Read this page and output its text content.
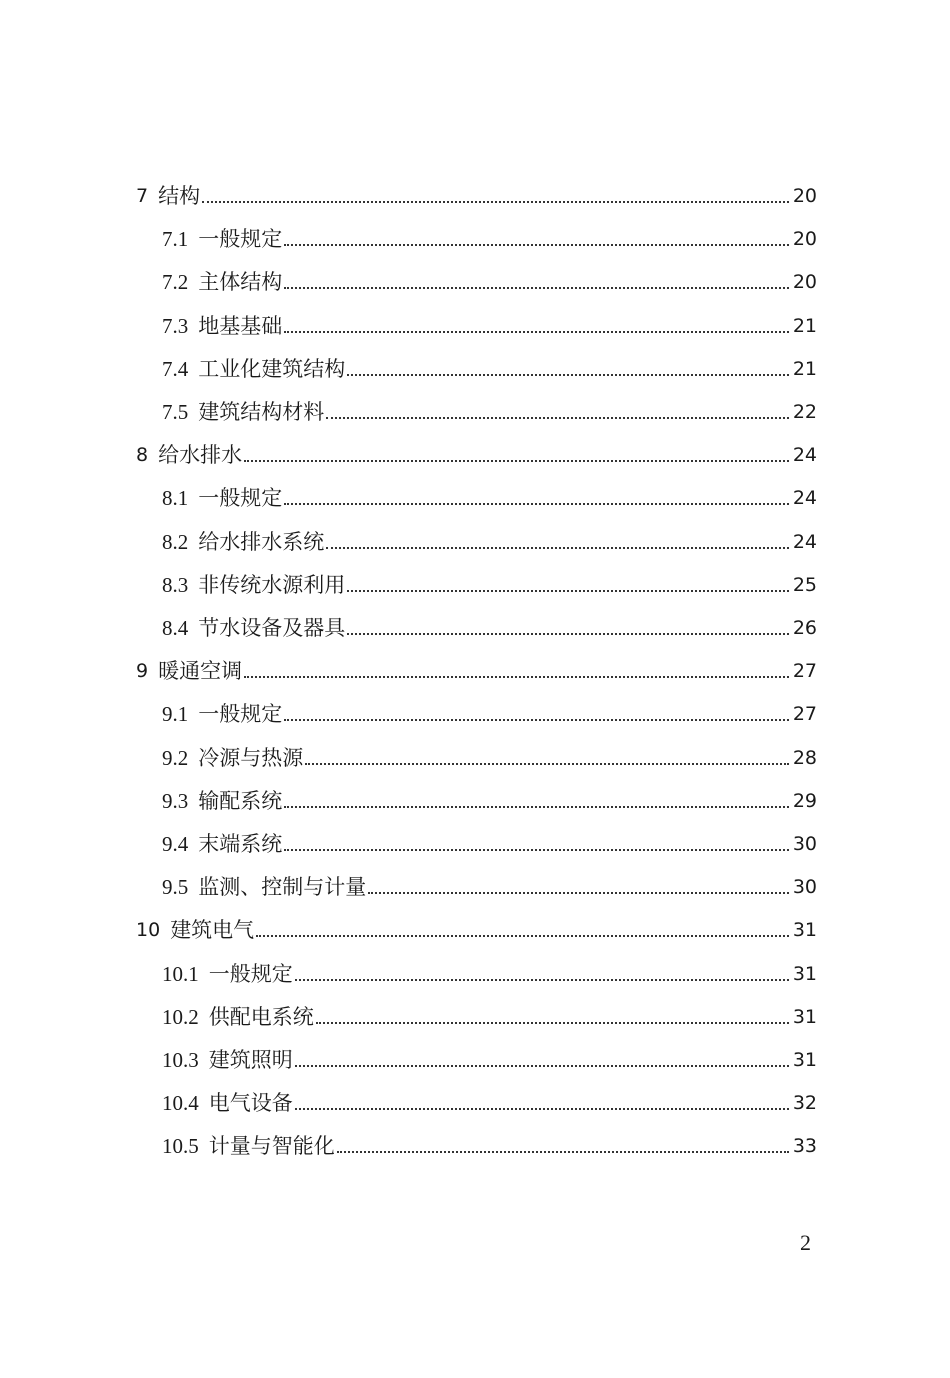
7 结构	20
7.1 一般规定	20
7.2 主体结构	20
7.3 地基基础	21
7.4 工业化建筑结构	21
7.5 建筑结构材料	22
8 给水排水	24
8.1 一般规定	24
8.2 给水排水系统	24
8.3 非传统水源利用	25
8.4 节水设备及器具	26
9 暖通空调	27
9.1 一般规定	27
9.2 冷源与热源	28
9.3 输配系统	29
9.4 末端系统	30
9.5 监测、控制与计量	30
10 建筑电气	31
10.1 一般规定	31
10.2 供配电系统	31
10.3 建筑照明	31
10.4 电气设备	32
10.5 计量与智能化	33
2
